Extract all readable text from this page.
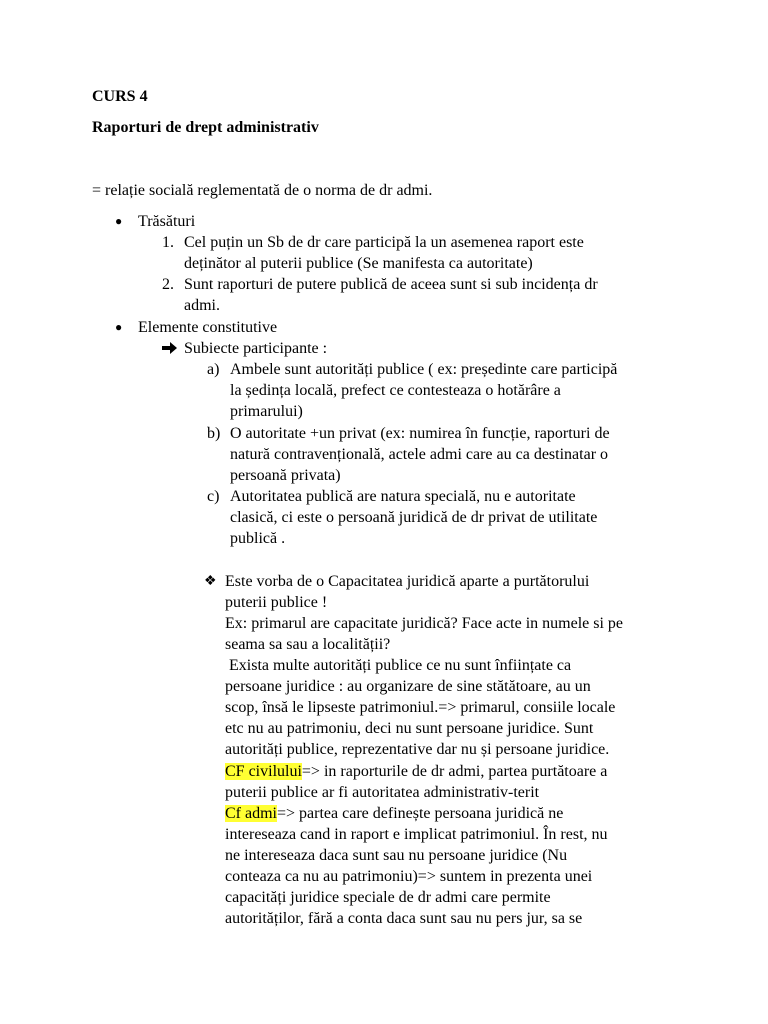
CURS 4
Raporturi de drept administrativ
= relație socială reglementată de o norma de dr admi.
● Trăsături
1. Cel puțin un Sb de dr care participă la un asemenea raport este
deținător al puterii publice (Se manifesta ca autoritate)
2. Sunt raporturi de putere publică de aceea sunt si sub incidența dr
admi.
● Elemente constitutive
Subiecte participante :
a) Ambele sunt autorități publice ( ex: președinte care participă
la ședința locală, prefect ce contesteaza o hotărâre a
primarului)
b) O autoritate +un privat (ex: numirea în funcție, raporturi de
natură contravențională, actele admi care au ca destinatar o
persoană privata)
c) Autoritatea publică are natura specială, nu e autoritate
clasică, ci este o persoană juridică de dr privat de utilitate
publică .
❖ Este vorba de o Capacitatea juridică aparte a purtătorului
puterii publice !
Ex: primarul are capacitate juridică? Face acte in numele si pe
seama sa sau a localității?
Exista multe autorități publice ce nu sunt înființate ca
persoane juridice : au organizare de sine stătătoare, au un
scop, însă le lipseste patrimoniul.=> primarul, consiile locale
etc nu au patrimoniu, deci nu sunt persoane juridice. Sunt
autorități publice, reprezentative dar nu și persoane juridice.
CF civilului=> in raporturile de dr admi, partea purtătoare a
puterii publice ar fi autoritatea administrativ-terit
Cf admi=> partea care definește persoana juridică ne
intereseaza cand in raport e implicat patrimoniul. În rest, nu
ne intereseaza daca sunt sau nu persoane juridice (Nu
conteaza ca nu au patrimoniu)=> suntem in prezenta unei
capacități juridice speciale de dr admi care permite
autorităților, fără a conta daca sunt sau nu pers jur, sa se
